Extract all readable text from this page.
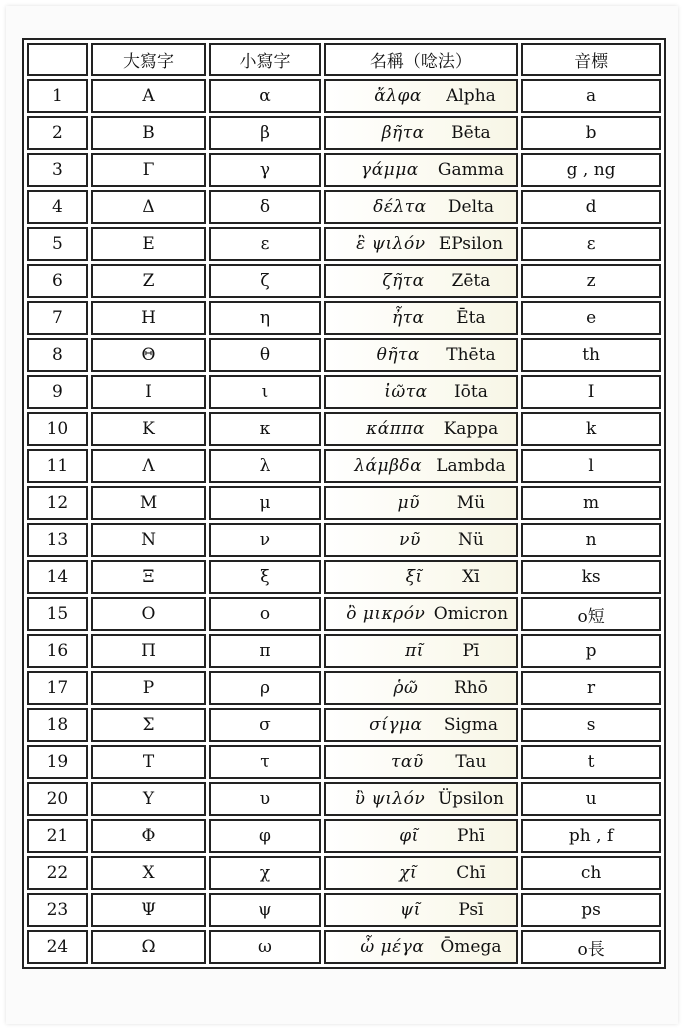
	大寫字	小寫字	名稱（唸法）	音標
1	Α	α	ἄλφα Alpha	a
2	Β	β	βῆτα Bēta	b
3	Γ	γ	γάμμα Gamma	g , ng
4	Δ	δ	δέλτα Delta	d
5	Ε	ε	ἒ ψιλόν EPsilon	ε
6	Ζ	ζ	ζῆτα Zēta	z
7	Η	η	ἦτα Ēta	e
8	Θ	θ	θῆτα Thēta	th
9	Ι	ι	ἰῶτα Iōta	I
10	Κ	κ	κάππα Kappa	k
11	Λ	λ	λάμβδα Lambda	l
12	Μ	μ	μῦ Mü	m
13	Ν	ν	νῦ Nü	n
14	Ξ	ξ	ξῖ Xī	ks
15	Ο	ο	ὂ μικρόν Omicron	o短
16	Π	π	πῖ Pī	p
17	Ρ	ρ	ῥῶ Rhō	r
18	Σ	σ	σίγμα Sigma	s
19	Τ	τ	ταῦ Tau	t
20	Υ	υ	ὒ ψιλόν Üpsilon	u
21	Φ	φ	φῖ Phī	ph , f
22	Χ	χ	χῖ Chī	ch
23	Ψ	ψ	ψῖ Psī	ps
24	Ω	ω	ὦ μέγα Ōmega	o長
